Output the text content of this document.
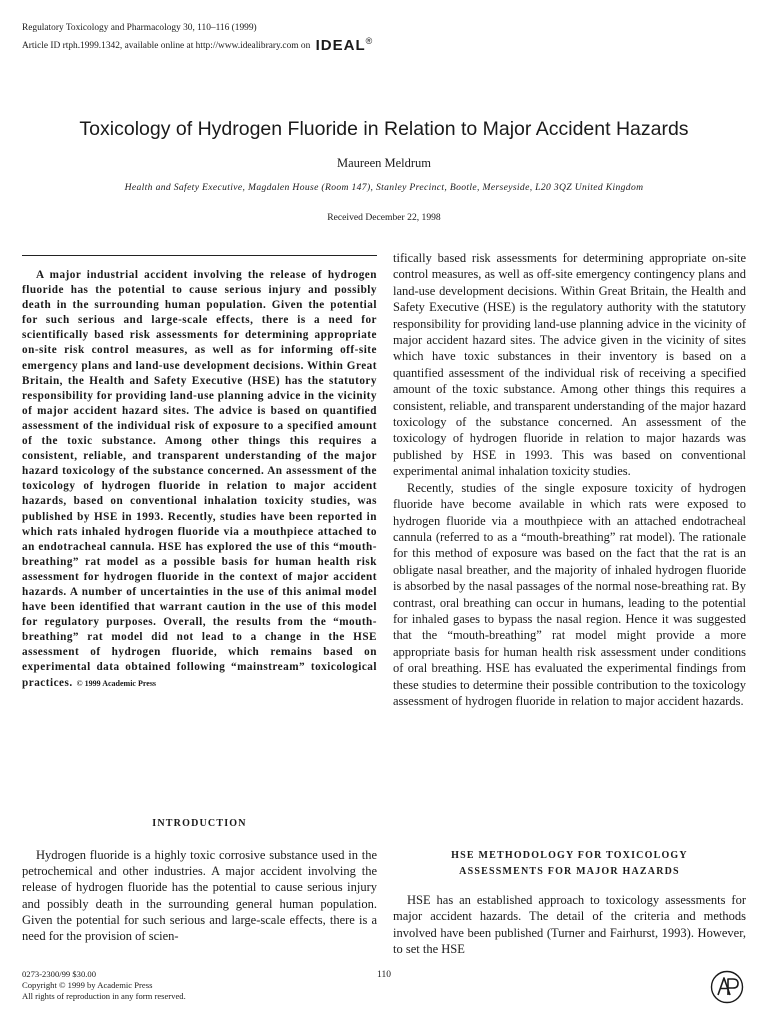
Regulatory Toxicology and Pharmacology 30, 110–116 (1999)
Article ID rtph.1999.1342, available online at http://www.idealibrary.com on IDEAL®
Toxicology of Hydrogen Fluoride in Relation to Major Accident Hazards
Maureen Meldrum
Health and Safety Executive, Magdalen House (Room 147), Stanley Precinct, Bootle, Merseyside, L20 3QZ United Kingdom
Received December 22, 1998

A major industrial accident involving the release of hydrogen fluoride has the potential to cause serious injury and possibly death in the surrounding human population. Given the potential for such serious and large-scale effects, there is a need for scientifically based risk assessments for determining appropriate on-site risk control measures, as well as for informing off-site emergency plans and land-use development decisions. Within Great Britain, the Health and Safety Executive (HSE) has the statutory responsibility for providing land-use planning advice in the vicinity of major accident hazard sites. The advice is based on quantified assessment of the individual risk of exposure to a specified amount of the toxic substance. Among other things this requires a consistent, reliable, and transparent understanding of the major hazard toxicology of the substance concerned. An assessment of the toxicology of hydrogen fluoride in relation to major accident hazards, based on conventional inhalation toxicity studies, was published by HSE in 1993. Recently, studies have been reported in which rats inhaled hydrogen fluoride via a mouthpiece attached to an endotracheal cannula. HSE has explored the use of this “mouth-breathing” rat model as a possible basis for human health risk assessment for hydrogen fluoride in the context of major accident hazards. A number of uncertainties in the use of this animal model have been identified that warrant caution in the use of this model for regulatory purposes. Overall, the results from the “mouth-breathing” rat model did not lead to a change in the HSE assessment of hydrogen fluoride, which remains based on experimental data obtained following “mainstream” toxicological practices. © 1999 Academic Press

INTRODUCTION

Hydrogen fluoride is a highly toxic corrosive substance used in the petrochemical and other industries. A major accident involving the release of hydrogen fluoride has the potential to cause serious injury and possibly death in the surrounding general human population. Given the potential for such serious and large-scale effects, there is a need for the provision of scien-

tifically based risk assessments for determining appropriate on-site control measures, as well as off-site emergency contingency plans and land-use development decisions. Within Great Britain, the Health and Safety Executive (HSE) is the regulatory authority with the statutory responsibility for providing land-use planning advice in the vicinity of major accident hazard sites. The advice given in the vicinity of sites which have toxic substances in their inventory is based on a quantified assessment of the individual risk of receiving a specified amount of the toxic substance. Among other things this requires a consistent, reliable, and transparent understanding of the major hazard toxicology of the substance concerned. An assessment of the toxicology of hydrogen fluoride in relation to major hazards was published by HSE in 1993. This was based on conventional experimental animal inhalation toxicity studies.

Recently, studies of the single exposure toxicity of hydrogen fluoride have become available in which rats were exposed to hydrogen fluoride via a mouthpiece with an attached endotracheal cannula (referred to as a “mouth-breathing” rat model). The rationale for this method of exposure was based on the fact that the rat is an obligate nasal breather, and the majority of inhaled hydrogen fluoride is absorbed by the nasal passages of the normal nose-breathing rat. By contrast, oral breathing can occur in humans, leading to the potential for inhaled gases to bypass the nasal region. Hence it was suggested that the “mouth-breathing” rat model might provide a more appropriate basis for human health risk assessment under conditions of oral breathing. HSE has evaluated the experimental findings from these studies to determine their possible contribution to the toxicology assessment of hydrogen fluoride in relation to major accident hazards.

HSE METHODOLOGY FOR TOXICOLOGY
ASSESSMENTS FOR MAJOR HAZARDS

HSE has an established approach to toxicology assessments for major accident hazards. The detail of the criteria and methods involved have been published (Turner and Fairhurst, 1993). However, to set the HSE

0273-2300/99 $30.00
Copyright © 1999 by Academic Press
All rights of reproduction in any form reserved.
110
